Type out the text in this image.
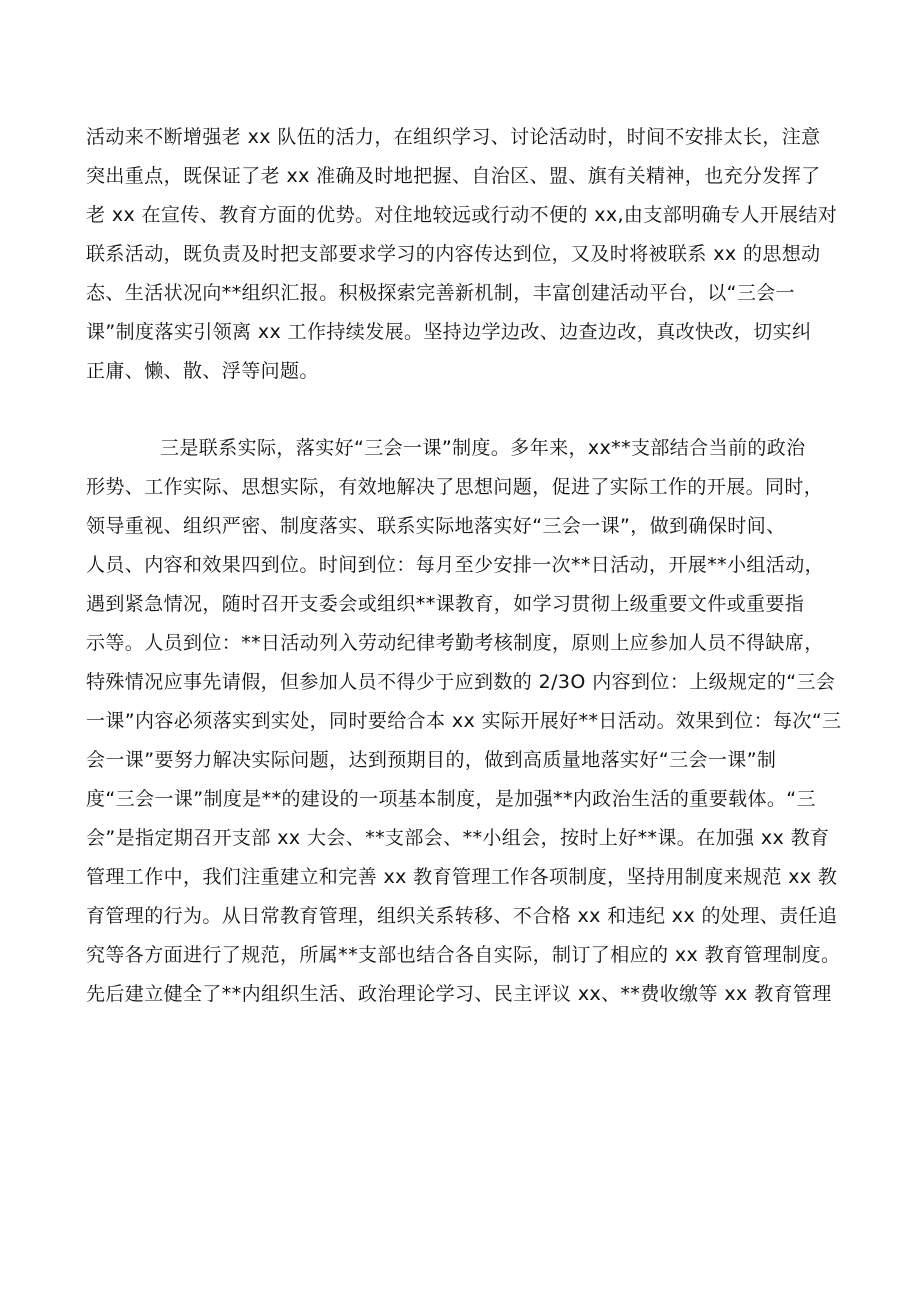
活动来不断增强老 xx 队伍的活力，在组织学习、讨论活动时，时间不安排太长，注意
突出重点，既保证了老 xx 准确及时地把握、自治区、盟、旗有关精神，也充分发挥了
老 xx 在宣传、教育方面的优势。对住地较远或行动不便的 xx,由支部明确专人开展结对
联系活动，既负责及时把支部要求学习的内容传达到位，又及时将被联系 xx 的思想动
态、生活状况向**组织汇报。积极探索完善新机制，丰富创建活动平台，以“三会一
课”制度落实引领离 xx 工作持续发展。坚持边学边改、边查边改，真改快改，切实纠
正庸、懒、散、浮等问题。
三是联系实际，落实好“三会一课”制度。多年来，xx**支部结合当前的政治
形势、工作实际、思想实际，有效地解决了思想问题，促进了实际工作的开展。同时，
领导重视、组织严密、制度落实、联系实际地落实好“三会一课”，做到确保时间、
人员、内容和效果四到位。时间到位：每月至少安排一次**日活动，开展**小组活动，
遇到紧急情况，随时召开支委会或组织**课教育，如学习贯彻上级重要文件或重要指
示等。人员到位：**日活动列入劳动纪律考勤考核制度，原则上应参加人员不得缺席，
特殊情况应事先请假，但参加人员不得少于应到数的 2/3O 内容到位：上级规定的“三会
一课”内容必须落实到实处，同时要给合本 xx 实际开展好**日活动。效果到位：每次“三
会一课”要努力解决实际问题，达到预期目的，做到高质量地落实好“三会一课”制
度“三会一课”制度是**的建设的一项基本制度，是加强**内政治生活的重要载体。“三
会”是指定期召开支部 xx 大会、**支部会、**小组会，按时上好**课。在加强 xx 教育
管理工作中，我们注重建立和完善 xx 教育管理工作各项制度，坚持用制度来规范 xx 教
育管理的行为。从日常教育管理，组织关系转移、不合格 xx 和违纪 xx 的处理、责任追
究等各方面进行了规范，所属**支部也结合各自实际，制订了相应的 xx 教育管理制度。
先后建立健全了**内组织生活、政治理论学习、民主评议 xx、**费收缴等 xx 教育管理
